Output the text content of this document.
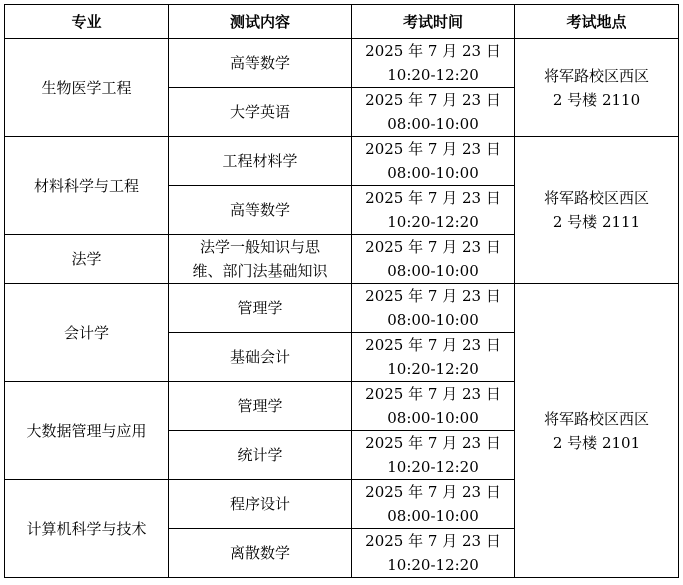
专业	测试内容	考试时间	考试地点
生物医学工程	高等数学	2025 年 7 月 23 日
10:20-12:20	将军路校区西区
2 号楼 2110

	大学英语	2025 年 7 月 23 日
08:00-10:00	

材料科学与工程	工程材料学	2025 年 7 月 23 日
08:00-10:00	将军路校区西区
2 号楼 2111

	高等数学	2025 年 7 月 23 日
10:20-12:20	

法学	法学一般知识与思
维、部门法基础知识	2025 年 7 月 23 日
08:00-10:00	

会计学	管理学	2025 年 7 月 23 日
08:00-10:00	将军路校区西区
2 号楼 2101

	基础会计	2025 年 7 月 23 日
10:20-12:20	

大数据管理与应用	管理学	2025 年 7 月 23 日
08:00-10:00	

	统计学	2025 年 7 月 23 日
10:20-12:20	

计算机科学与技术	程序设计	2025 年 7 月 23 日
08:00-10:00	

	离散数学	2025 年 7 月 23 日
10:20-12:20	
